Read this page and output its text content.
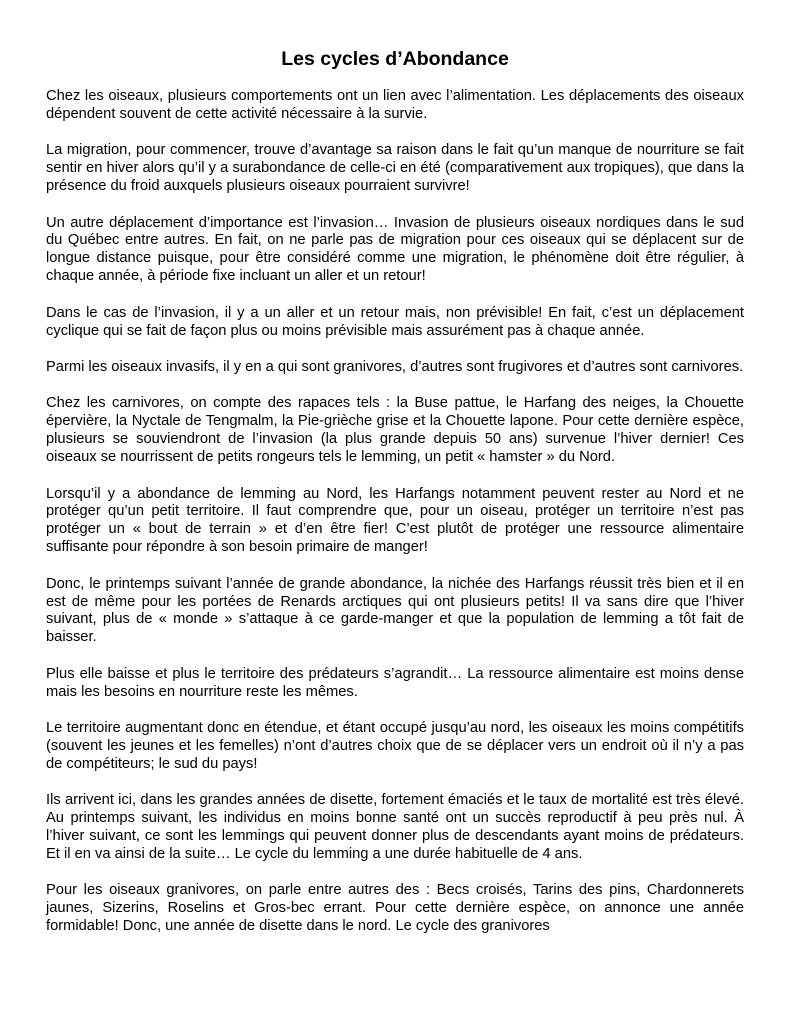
Les cycles d’Abondance

Chez les oiseaux, plusieurs comportements ont un lien avec l’alimentation. Les déplacements des oiseaux dépendent souvent de cette activité nécessaire à la survie.

La migration, pour commencer, trouve d’avantage sa raison dans le fait qu’un manque de nourriture se fait sentir en hiver alors qu’il y a surabondance de celle-ci en été (comparativement aux tropiques), que dans la présence du froid auxquels plusieurs oiseaux pourraient survivre!

Un autre déplacement d’importance est l’invasion… Invasion de plusieurs oiseaux nordiques dans le sud du Québec entre autres. En fait, on ne parle pas de migration pour ces oiseaux qui se déplacent sur de longue distance puisque, pour être considéré comme une migration, le phénomène doit être régulier, à chaque année, à période fixe incluant un aller et un retour!

Dans le cas de l’invasion, il y a un aller et un retour mais, non prévisible! En fait, c’est un déplacement cyclique qui se fait de façon plus ou moins prévisible mais assurément pas à chaque année.

Parmi les oiseaux invasifs, il y en a qui sont granivores, d’autres sont frugivores et d’autres sont carnivores.

Chez les carnivores, on compte des rapaces tels : la Buse pattue, le Harfang des neiges, la Chouette épervière, la Nyctale de Tengmalm, la Pie-grièche grise et la Chouette lapone. Pour cette dernière espèce, plusieurs se souviendront de l’invasion (la plus grande depuis 50 ans) survenue l’hiver dernier! Ces oiseaux se nourrissent de petits rongeurs tels le lemming, un petit « hamster » du Nord.

Lorsqu’il y a abondance de lemming au Nord, les Harfangs notamment peuvent rester au Nord et ne protéger qu’un petit territoire. Il faut comprendre que, pour un oiseau, protéger un territoire n’est pas protéger un « bout de terrain » et d’en être fier! C’est plutôt de protéger une ressource alimentaire suffisante pour répondre à son besoin primaire de manger!

Donc, le printemps suivant l’année de grande abondance, la nichée des Harfangs réussit très bien et il en est de même pour les portées de Renards arctiques qui ont plusieurs petits! Il va sans dire que l’hiver suivant, plus de « monde » s’attaque à ce garde-manger et que la population de lemming a tôt fait de baisser.

Plus elle baisse et plus le territoire des prédateurs s’agrandit… La ressource alimentaire est moins dense mais les besoins en nourriture reste les mêmes.

Le territoire augmentant donc en étendue, et étant occupé jusqu’au nord, les oiseaux les moins compétitifs (souvent les jeunes et les femelles) n’ont d’autres choix que de se déplacer vers un endroit où il n’y a pas de compétiteurs; le sud du pays!

Ils arrivent ici, dans les grandes années de disette, fortement émaciés et le taux de mortalité est très élevé. Au printemps suivant, les individus en moins bonne santé ont un succès reproductif à peu près nul. À l’hiver suivant, ce sont les lemmings qui peuvent donner plus de descendants ayant moins de prédateurs. Et il en va ainsi de la suite… Le cycle du lemming a une durée habituelle de 4 ans.

Pour les oiseaux granivores, on parle entre autres des : Becs croisés, Tarins des pins, Chardonnerets jaunes, Sizerins, Roselins et Gros-bec errant. Pour cette dernière espèce, on annonce une année formidable! Donc, une année de disette dans le nord. Le cycle des granivores
